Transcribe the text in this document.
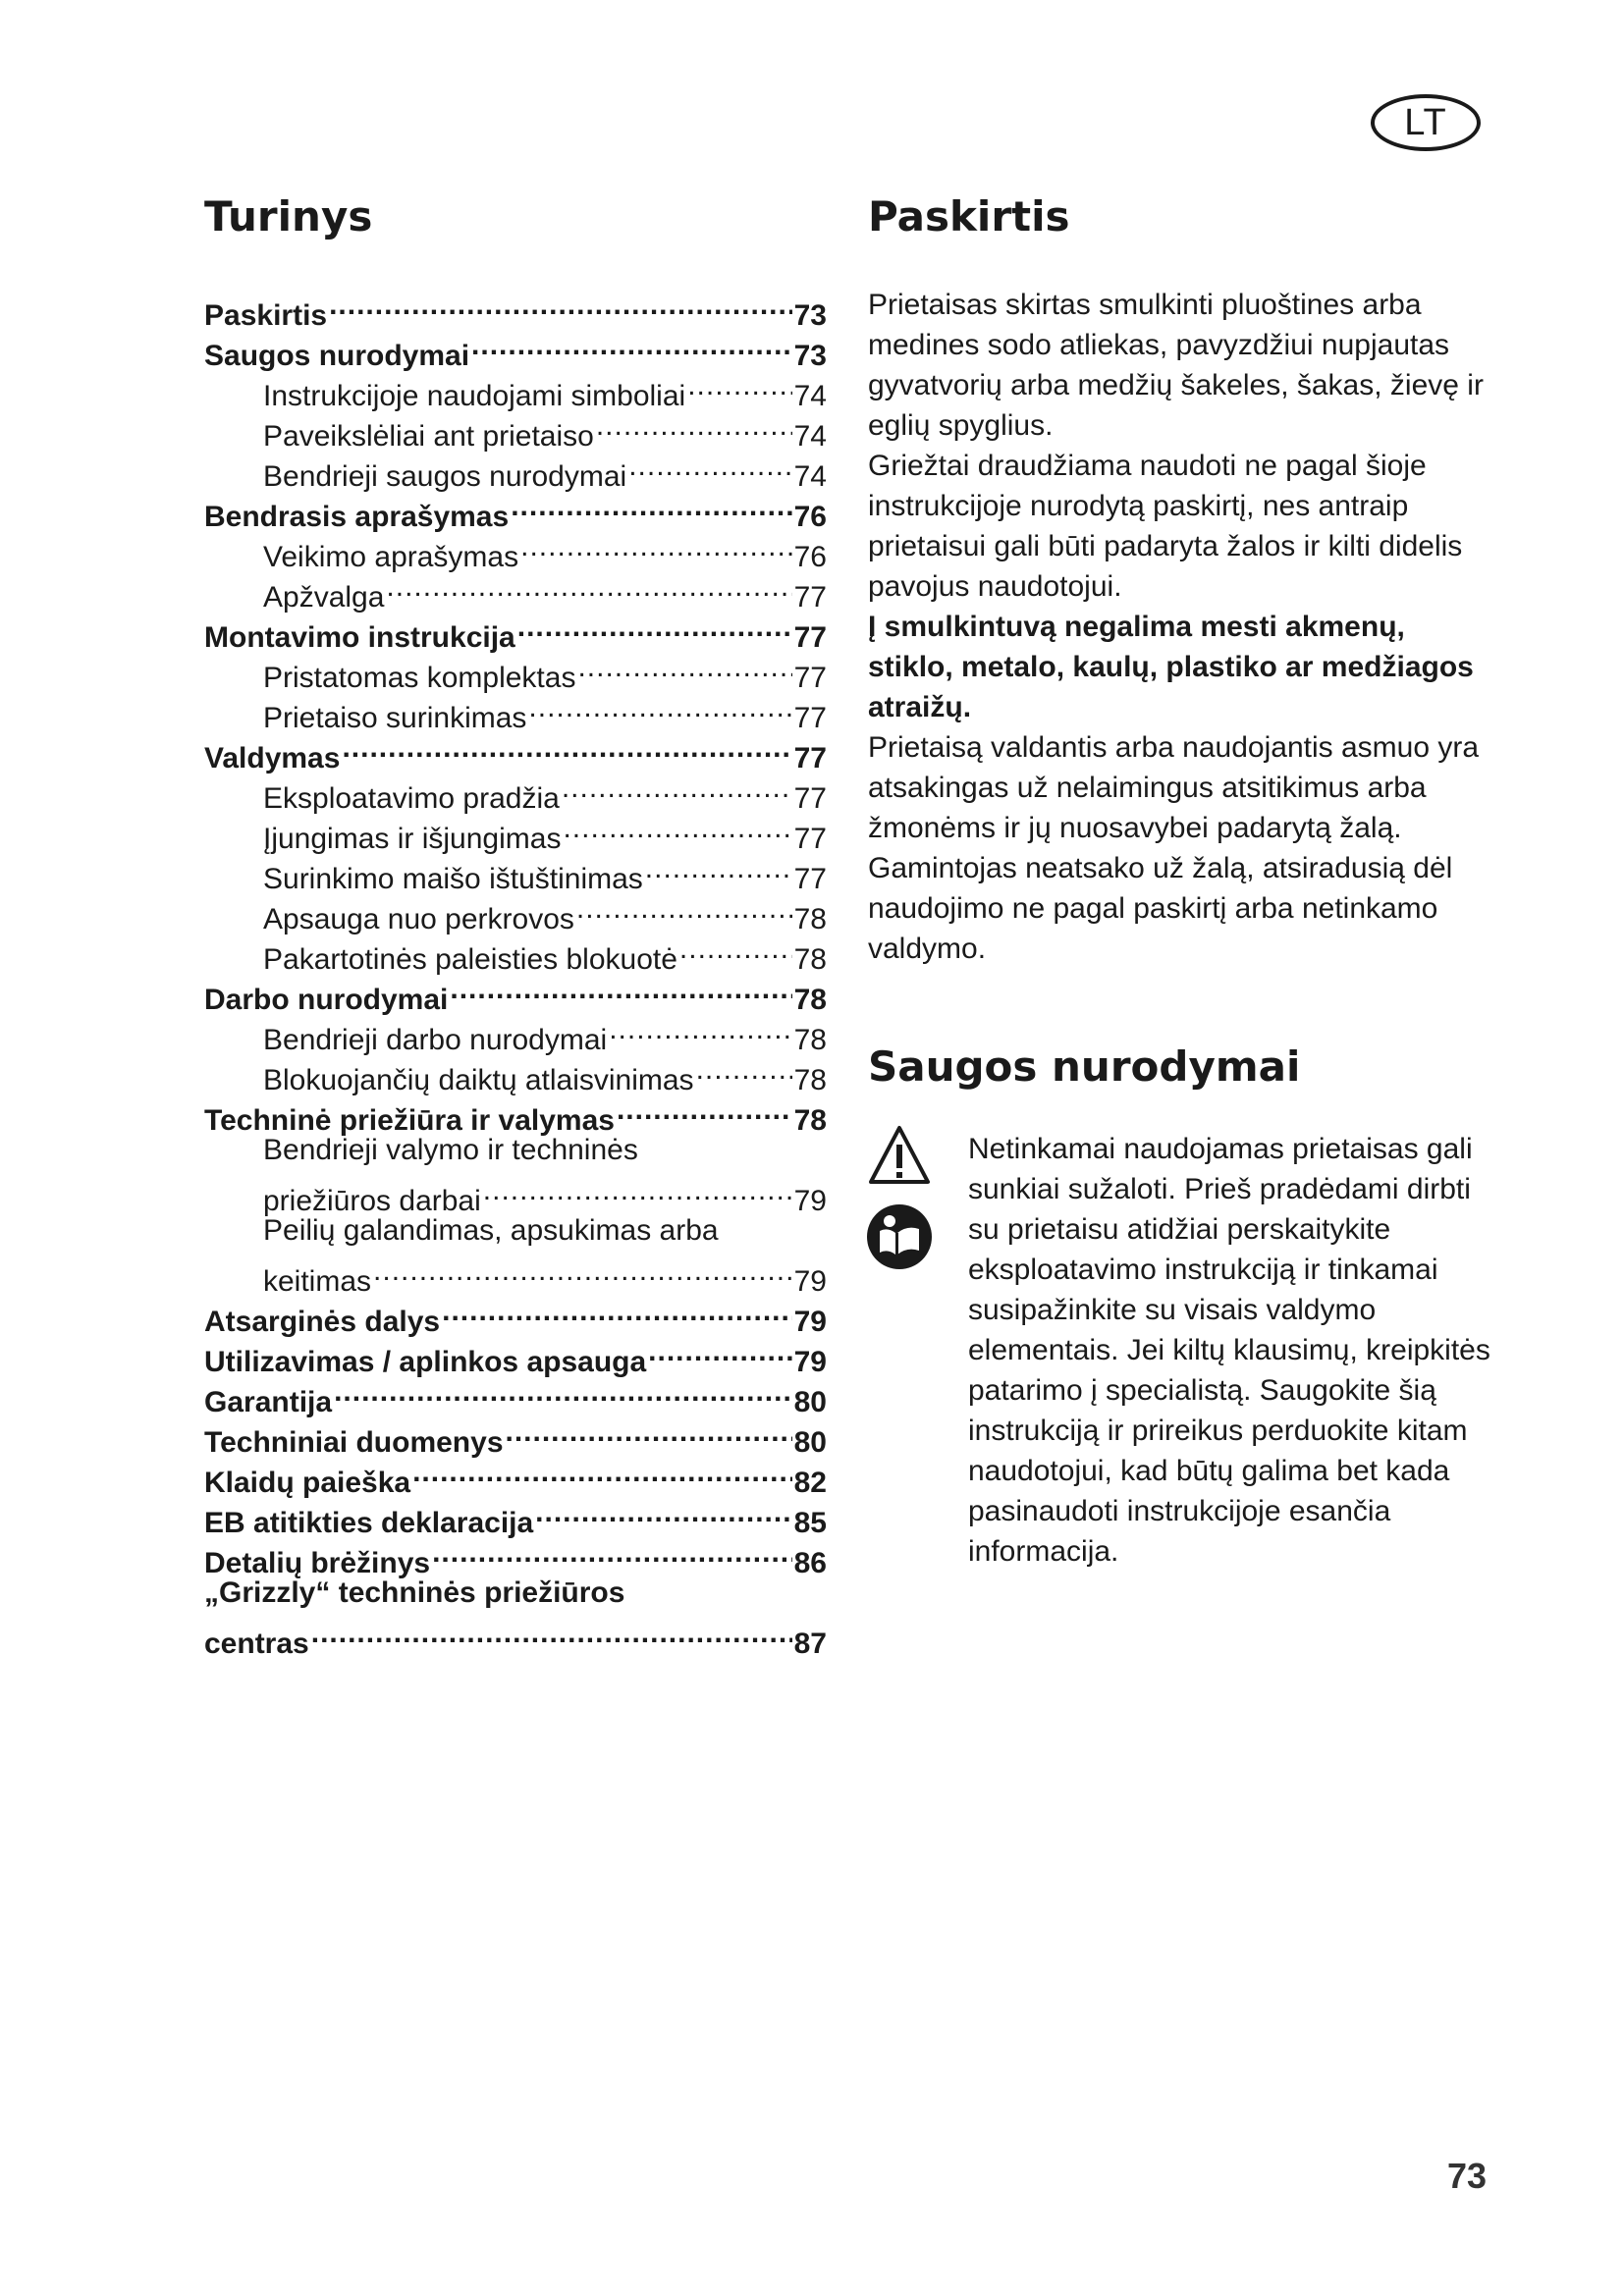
LT
Turinys	Paskirtis
Saugos nurodymai
Paskirtis .....	73
Saugos nurodymai .....	73
Instrukcijoje naudojami simboliai .....	74
Paveikslėliai ant prietaiso .....	74
Bendrieji saugos nurodymai .....	74
Bendrasis aprašymas .....	76
Veikimo aprašymas .....	76
Apžvalga .....	77
Montavimo instrukcija .....	77
Pristatomas komplektas .....	77
Prietaiso surinkimas .....	77
Valdymas .....	77
Eksploatavimo pradžia .....	77
Įjungimas ir išjungimas .....	77
Surinkimo maišo ištuštinimas .....	77
Apsauga nuo perkrovos .....	78
Pakartotinės paleisties blokuotė .....	78
Darbo nurodymai .....	78
Bendrieji darbo nurodymai .....	78
Blokuojančių daiktų atlaisvinimas .....	78
Techninė priežiūra ir valymas .....	78
Bendrieji valymo ir techninės
priežiūros darbai .....	79
Peilių galandimas, apsukimas arba
keitimas .....	79
Atsarginės dalys .....	79
Utilizavimas / aplinkos apsauga .....	79
Garantija .....	80
Techniniai duomenys .....	80
Klaidų paieška .....	82
EB atitikties deklaracija .....	85
Detalių brėžinys .....	86
„Grizzly“ techninės priežiūros
centras .....	87

Prietaisas skirtas smulkinti pluoštines arba medines sodo atliekas, pavyzdžiui nupjautas gyvatvorių arba medžių šakeles, šakas, žievę ir eglių spyglius.

Griežtai draudžiama naudoti ne pagal šioje instrukcijoje nurodytą paskirtį, nes antraip prietaisui gali būti padaryta žalos ir kilti didelis pavojus naudotojui.

Į smulkintuvą negalima mesti akmenų, stiklo, metalo, kaulų, plastiko ar medžiagos atraižų.

Prietaisą valdantis arba naudojantis asmuo yra atsakingas už nelaimingus atsitikimus arba žmonėms ir jų nuosavybei padarytą žalą.

Gamintojas neatsako už žalą, atsiradusią dėl naudojimo ne pagal paskirtį arba netinkamo valdymo.

Netinkamai naudojamas prietaisas gali sunkiai sužaloti. Prieš pradėdami dirbti su prietaisu atidžiai perskaitykite eksploatavimo instrukciją ir tinkamai susipažinkite su visais valdymo elementais. Jei kiltų klausimų, kreipkitės patarimo į specialistą. Saugokite šią instrukciją ir prireikus perduokite kitam naudotojui, kad būtų galima bet kada pasinaudoti instrukcijoje esančia informacija.

73
